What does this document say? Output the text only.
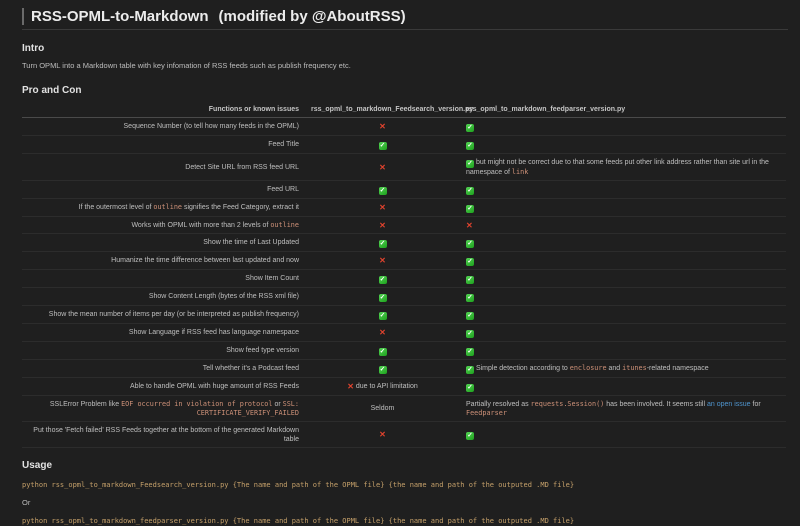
RSS-OPML-to-Markdown (modified by @AboutRSS)
Intro

Turn OPML into a Markdown table with key infomation of RSS feeds such as publish frequency etc.

Pro and Con
Functions or known issues	rss_opml_to_markdown_Feedsearch_version.py	rss_opml_to_markdown_feedparser_version.py
Sequence Number (to tell how many feeds in the OPML)	✕	✓
Feed Title	✓	✓
Detect Site URL from RSS feed URL	✕	✓ but might not be correct due to that some feeds put other link address rather than site url in the namespace of link
Feed URL	✓	✓
If the outermost level of outline signifies the Feed Category, extract it	✕	✓
Works with OPML with more than 2 levels of outline	✕	✕
Show the time of Last Updated	✓	✓
Humanize the time difference between last updated and now	✕	✓
Show Item Count	✓	✓
Show Content Length (bytes of the RSS xml file)	✓	✓
Show the mean number of items per day (or be interpreted as publish frequency)	✓	✓
Show Language if RSS feed has language namespace	✕	✓
Show feed type version	✓	✓
Tell whether it's a Podcast feed	✓	✓ Simple detection according to enclosure and itunes-related namespace
Able to handle OPML with huge amount of RSS Feeds	✕ due to API limitation	✓
SSLError Problem like EOF occurred in violation of protocol or SSL: CERTIFICATE_VERIFY_FAILED	Seldom	Partially resolved as requests.Session() has been involved. It seems still an open issue for Feedparser
Put those 'Fetch failed' RSS Feeds together at the bottom of the generated Markdown table	✕	✓
Usage
python rss_opml_to_markdown_Feedsearch_version.py {The name and path of the OPML file} {the name and path of the outputed .MD file}

Or

python rss_opml_to_markdown_feedparser_version.py {The name and path of the OPML file} {the name and path of the outputed .MD file}
